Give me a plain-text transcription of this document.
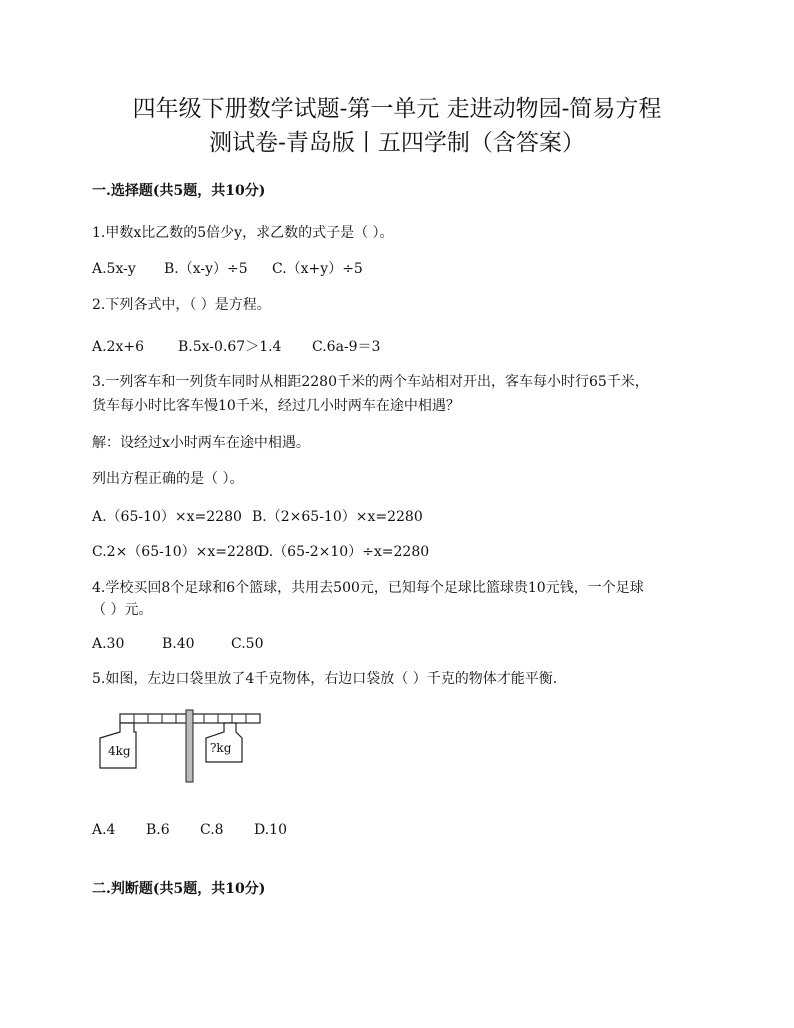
四年级下册数学试题-第一单元 走进动物园-简易方程
测试卷-青岛版丨五四学制（含答案）
一.选择题(共5题，共10分)
1.甲数x比乙数的5倍少y，求乙数的式子是（ ）。
A.5x-y B.（x-y）÷5 C.（x+y）÷5
2.下列各式中，（ ）是方程。
A.2x+6 B.5x-0.67＞1.4 C.6a-9＝3
3.一列客车和一列货车同时从相距2280千米的两个车站相对开出，客车每小时行65千米，
货车每小时比客车慢10千米，经过几小时两车在途中相遇？
解：设经过x小时两车在途中相遇。
列出方程正确的是（ ）。
A.（65-10）×x=2280 B.（2×65-10）×x=2280
C.2×（65-10）×x=2280
D.（65-2×10）÷x=2280
4.学校买回8个足球和6个篮球，共用去500元，已知每个足球比篮球贵10元钱，一个足球
（ ）元。
A.30	B.40	C.50
5.如图，左边口袋里放了4千克物体，右边口袋放（ ）千克的物体才能平衡.
4kg	?kg
A.4 B.6 C.8 D.10
二.判断题(共5题，共10分)
